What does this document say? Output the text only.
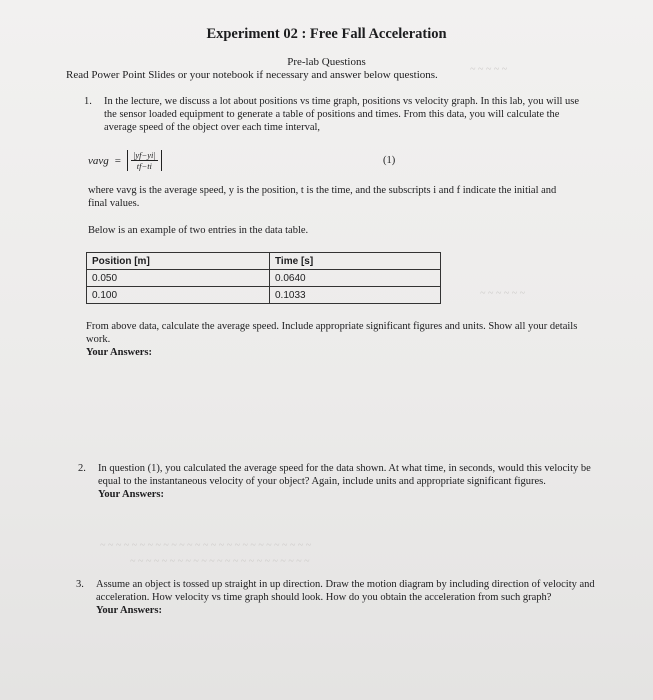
~ ~ ~ ~ ~
~ ~ ~ ~ ~ ~
~ ~ ~ ~ ~ ~ ~ ~ ~ ~ ~ ~ ~ ~ ~ ~ ~ ~ ~ ~ ~ ~ ~ ~ ~ ~ ~
~ ~ ~ ~ ~ ~ ~ ~ ~ ~ ~ ~ ~ ~ ~ ~ ~ ~ ~ ~ ~ ~ ~
Experiment 02 : Free Fall Acceleration
Pre-lab Questions
Read Power Point Slides or your notebook if necessary and answer below questions.
1. In the lecture, we discuss a lot about positions vs time graph, positions vs velocity graph. In this lab, you will use the sensor loaded equipment to generate a table of positions and times. From this data, you will calculate the average speed of the object over each time interval,
vavg = $\frac{|yf-yi|}{tf-ti}$	(1)
where vavg is the average speed, y is the position, t is the time, and the subscripts i and f indicate the initial and final values.
Below is an example of two entries in the data table.
Position [m]	Time [s]
0.050	0.0640
0.100	0.1033
From above data, calculate the average speed. Include appropriate significant figures and units. Show all your details work.
Your Answers:
2. In question (1), you calculated the average speed for the data shown. At what time, in seconds, would this velocity be equal to the instantaneous velocity of your object? Again, include units and appropriate significant figures.
Your Answers:
3. Assume an object is tossed up straight in up direction. Draw the motion diagram by including direction of velocity and acceleration. How velocity vs time graph should look. How do you obtain the acceleration from such graph?
Your Answers:
